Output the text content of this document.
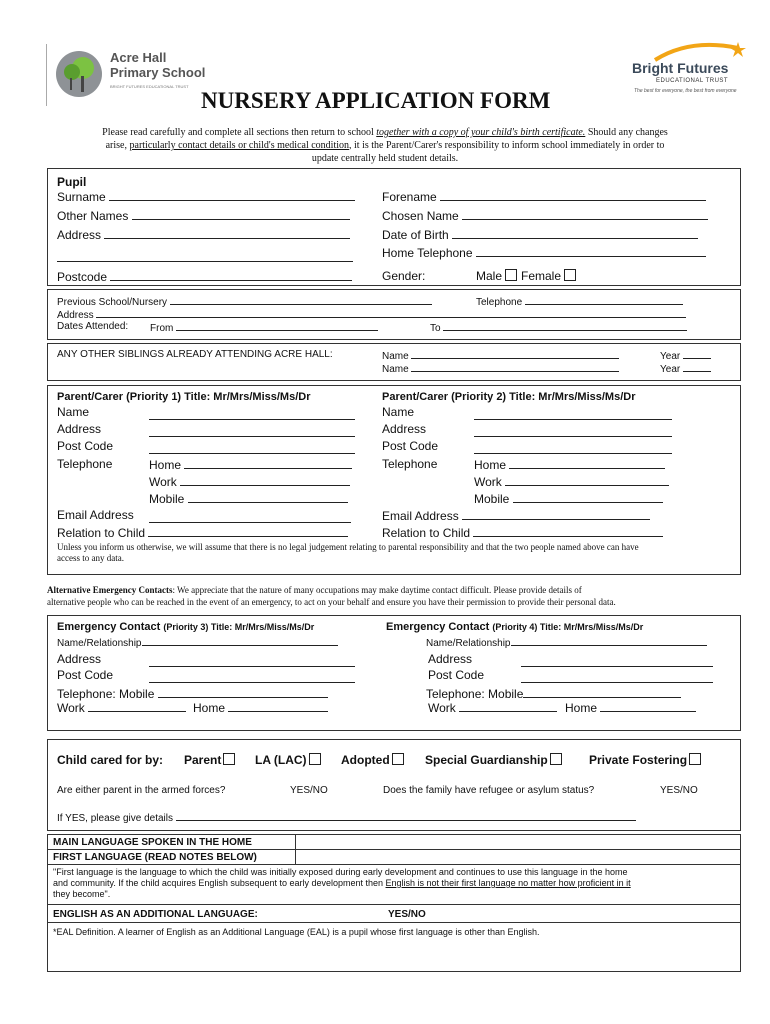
Acre Hall
Primary School
BRIGHT FUTURES EDUCATIONAL TRUST
Bright Futures
EDUCATIONAL TRUST
The best for everyone, the best from everyone
NURSERY APPLICATION FORM
Please read carefully and complete all sections then return to school together with a copy of your child's birth certificate. Should any changes
arise, particularly contact details or child's medical condition, it is the Parent/Carer's responsibility to inform school immediately in order to
update centrally held student details.
Pupil
Surname	Forename
Other Names	Chosen Name
Address	Date of Birth
Home Telephone
Postcode	Gender:	Male	Female
Previous School/Nursery	Telephone
Address
Dates Attended: From	To
ANY OTHER SIBLINGS ALREADY ATTENDING ACRE HALL:	Name	Year
Name	Year
Parent/Carer (Priority 1) Title: Mr/Mrs/Miss/Ms/Dr	Parent/Carer (Priority 2) Title: Mr/Mrs/Miss/Ms/Dr
Name
Address
Post Code
Telephone	Home
Work
Mobile
Email Address
Relation to Child
Name
Address
Post Code
Telephone	Home
Work
Mobile
Email Address
Relation to Child
Unless you inform us otherwise, we will assume that there is no legal judgement relating to parental responsibility and that the two people named above can have
access to any data.
Alternative Emergency Contacts: We appreciate that the nature of many occupations may make daytime contact difficult. Please provide details of
alternative people who can be reached in the event of an emergency, to act on your behalf and ensure you have their permission to provide their personal data.
Emergency Contact (Priority 3) Title: Mr/Mrs/Miss/Ms/Dr	Emergency Contact (Priority 4) Title: Mr/Mrs/Miss/Ms/Dr
Name/Relationship
Address
Post Code
Telephone: Mobile
Work	Home
Name/Relationship
Address
Post Code
Telephone: Mobile
Work	Home
Child cared for by: Parent	LA (LAC)	Adopted	Special Guardianship	Private Fostering
Are either parent in the armed forces?	YES/NO	Does the family have refugee or asylum status?	YES/NO
If YES, please give details
MAIN LANGUAGE SPOKEN IN THE HOME
FIRST LANGUAGE (READ NOTES BELOW)
"First language is the language to which the child was initially exposed during early development and continues to use this language in the home
and community. If the child acquires English subsequent to early development then English is not their first language no matter how proficient in it
they become".
ENGLISH AS AN ADDITIONAL LANGUAGE:	YES/NO
*EAL Definition. A learner of English as an Additional Language (EAL) is a pupil whose first language is other than English.
